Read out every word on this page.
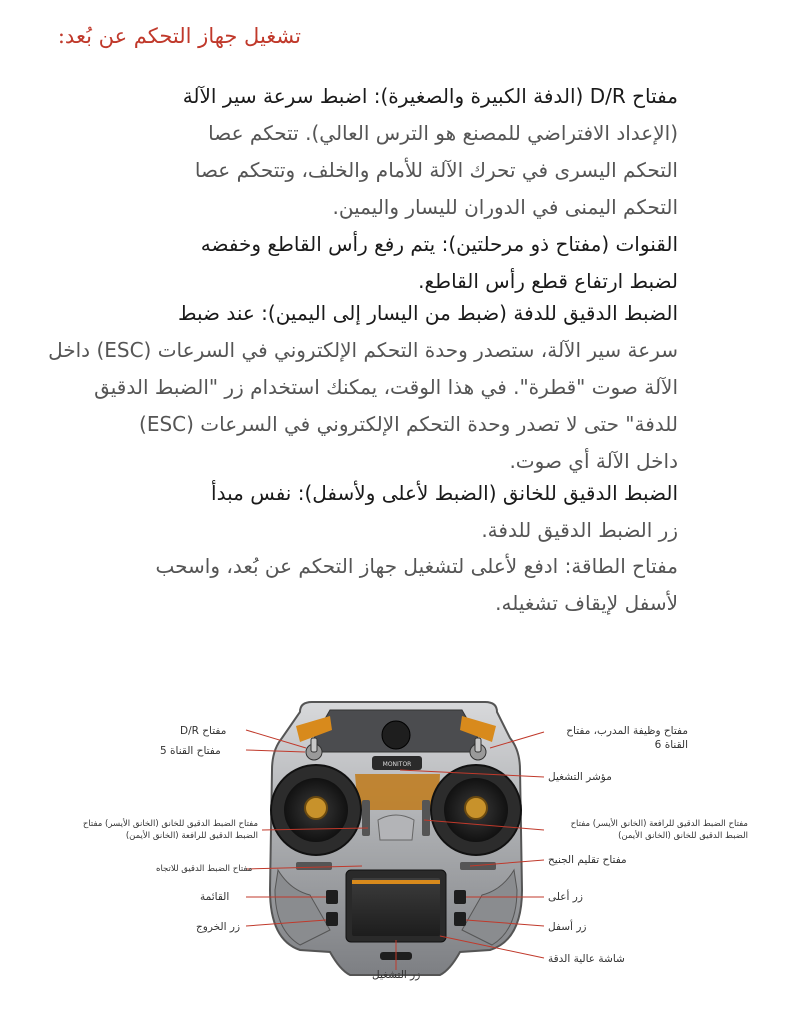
تشغيل جهاز التحكم عن بُعد:
مفتاح D/R (الدفة الكبيرة والصغيرة): اضبط سرعة سير الآلة
(الإعداد الافتراضي للمصنع هو الترس العالي). تتحكم عصا
التحكم اليسرى في تحرك الآلة للأمام والخلف، وتتحكم عصا
التحكم اليمنى في الدوران لليسار واليمين.
القنوات (مفتاح ذو مرحلتين): يتم رفع رأس القاطع وخفضه
لضبط ارتفاع قطع رأس القاطع.
الضبط الدقيق للدفة (ضبط من اليسار إلى اليمين): عند ضبط
سرعة سير الآلة، ستصدر وحدة التحكم الإلكتروني في السرعات (ESC) داخل
الآلة صوت "قطرة". في هذا الوقت، يمكنك استخدام زر "الضبط الدقيق
للدفة" حتى لا تصدر وحدة التحكم الإلكتروني في السرعات (ESC)
داخل الآلة أي صوت.
الضبط الدقيق للخانق (الضبط لأعلى ولأسفل): نفس مبدأ
زر الضبط الدقيق للدفة.
مفتاح الطاقة: ادفع لأعلى لتشغيل جهاز التحكم عن بُعد، واسحب
لأسفل لإيقاف تشغيله.
MONITOR
مفتاح D/R
مفتاح القناة 5
مفتاح الضبط الدقيق للخانق (الخانق الأيسر) مفتاح الضبط الدقيق للرافعة (الخانق الأيمن)
مفتاح الضبط الدقيق للاتجاه
القائمة
زر الخروج
زر التشغيل
مفتاح وظيفة المدرب، مفتاح القناة 6
مؤشر التشغيل
مفتاح الضبط الدقيق للرافعة (الخانق الأيسر) مفتاح الضبط الدقيق للخانق (الخانق الأيمن)
مفتاح تقليم الجنيح
زر أعلى
زر أسفل
شاشة عالية الدقة
